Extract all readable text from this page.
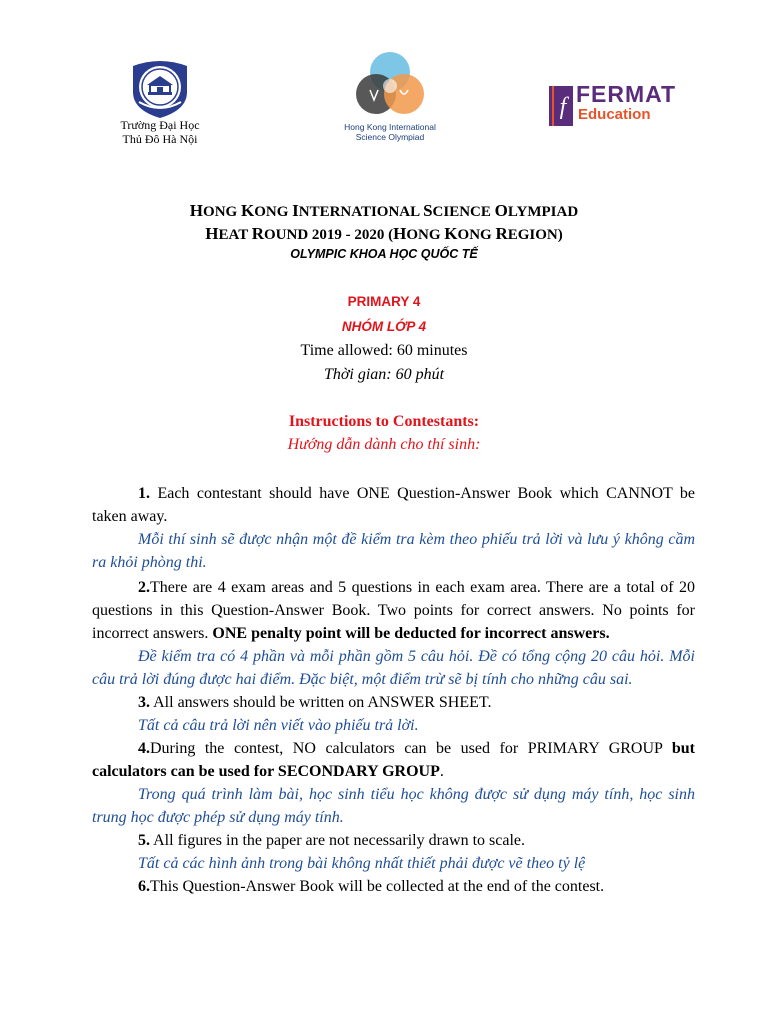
Trường Đại Học
Thủ Đô Hà Nội
Hong Kong International
Science Olympiad
f FERMAT
Education
HONG KONG INTERNATIONAL SCIENCE OLYMPIAD
HEAT ROUND 2019 - 2020 (HONG KONG REGION)
OLYMPIC KHOA HỌC QUỐC TẾ
PRIMARY 4
NHÓM LỚP 4
Time allowed: 60 minutes
Thời gian: 60 phút
Instructions to Contestants:
Hướng dẫn dành cho thí sinh:

1. Each contestant should have ONE Question-Answer Book which CANNOT be taken away.

Mỗi thí sinh sẽ được nhận một đề kiểm tra kèm theo phiếu trả lời và lưu ý không cầm ra khỏi phòng thi.

2.There are 4 exam areas and 5 questions in each exam area. There are a total of 20 questions in this Question-Answer Book. Two points for correct answers. No points for incorrect answers. ONE penalty point will be deducted for incorrect answers.

Đề kiểm tra có 4 phần và mỗi phần gồm 5 câu hỏi. Đề có tổng cộng 20 câu hỏi. Mỗi câu trả lời đúng được hai điểm. Đặc biệt, một điểm trừ sẽ bị tính cho những câu sai.

3. All answers should be written on ANSWER SHEET.

Tất cả câu trả lời nên viết vào phiếu trả lời.

4.During the contest, NO calculators can be used for PRIMARY GROUP but calculators can be used for SECONDARY GROUP.

Trong quá trình làm bài, học sinh tiểu học không được sử dụng máy tính, học sinh trung học được phép sử dụng máy tính.

5. All figures in the paper are not necessarily drawn to scale.

Tất cả các hình ảnh trong bài không nhất thiết phải được vẽ theo tỷ lệ

6.This Question-Answer Book will be collected at the end of the contest.
